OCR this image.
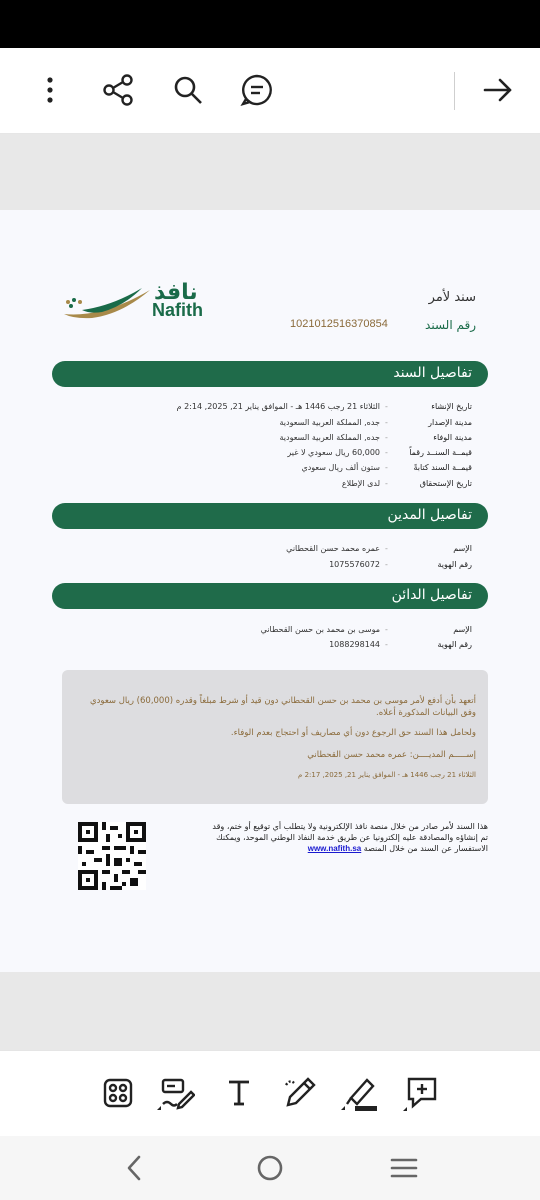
نافذ
Nafith
سند لأمر
رقم السند
1021012516370854
تفاصيل السند
تاريخ الإنشاء
-
الثلاثاء 21 رجب 1446 هـ - الموافق يناير 21, 2025, 2:14 م
مدينة الإصدار
-
جده, المملكة العربية السعودية
مدينة الوفاء
-
جده, المملكة العربية السعودية
قيمــة السنــد رقماً
-
60,000 ريال سعودي لا غير
قيمــة السند كتابةً
-
ستون ألف ريال سعودي
تاريخ الإستحقاق
-
لدى الإطلاع
تفاصيل المدين
الإسم
-
عمره محمد حسن القحطاني
رقم الهوية
-
1075576072
تفاصيل الدائن
الإسم
-
موسى بن محمد بن حسن القحطاني
رقم الهوية
-
1088298144
أتعهد بأن أدفع لأمر موسى بن محمد بن حسن القحطاني دون قيد أو شرط مبلغاً وقدره (60,000) ريال سعودي
وفق البيانات المذكورة أعلاه.
ولحامل هذا السند حق الرجوع دون أي مصاريف أو احتجاج بعدم الوفاء.
إســـــم المديــــن: عمره محمد حسن القحطاني
الثلاثاء 21 رجب 1446 هـ - الموافق يناير 21, 2025, 2:17 م
هذا السند لأمر صادر من خلال منصة نافذ الإلكترونية ولا يتطلب أي توقيع أو ختم، وقد
تم إنشاؤه والمصادقة عليه إلكترونيا عن طريق خدمة النفاذ الوطني الموحد، ويمكنك
الاستفسار عن السند من خلال المنصة www.nafith.sa
